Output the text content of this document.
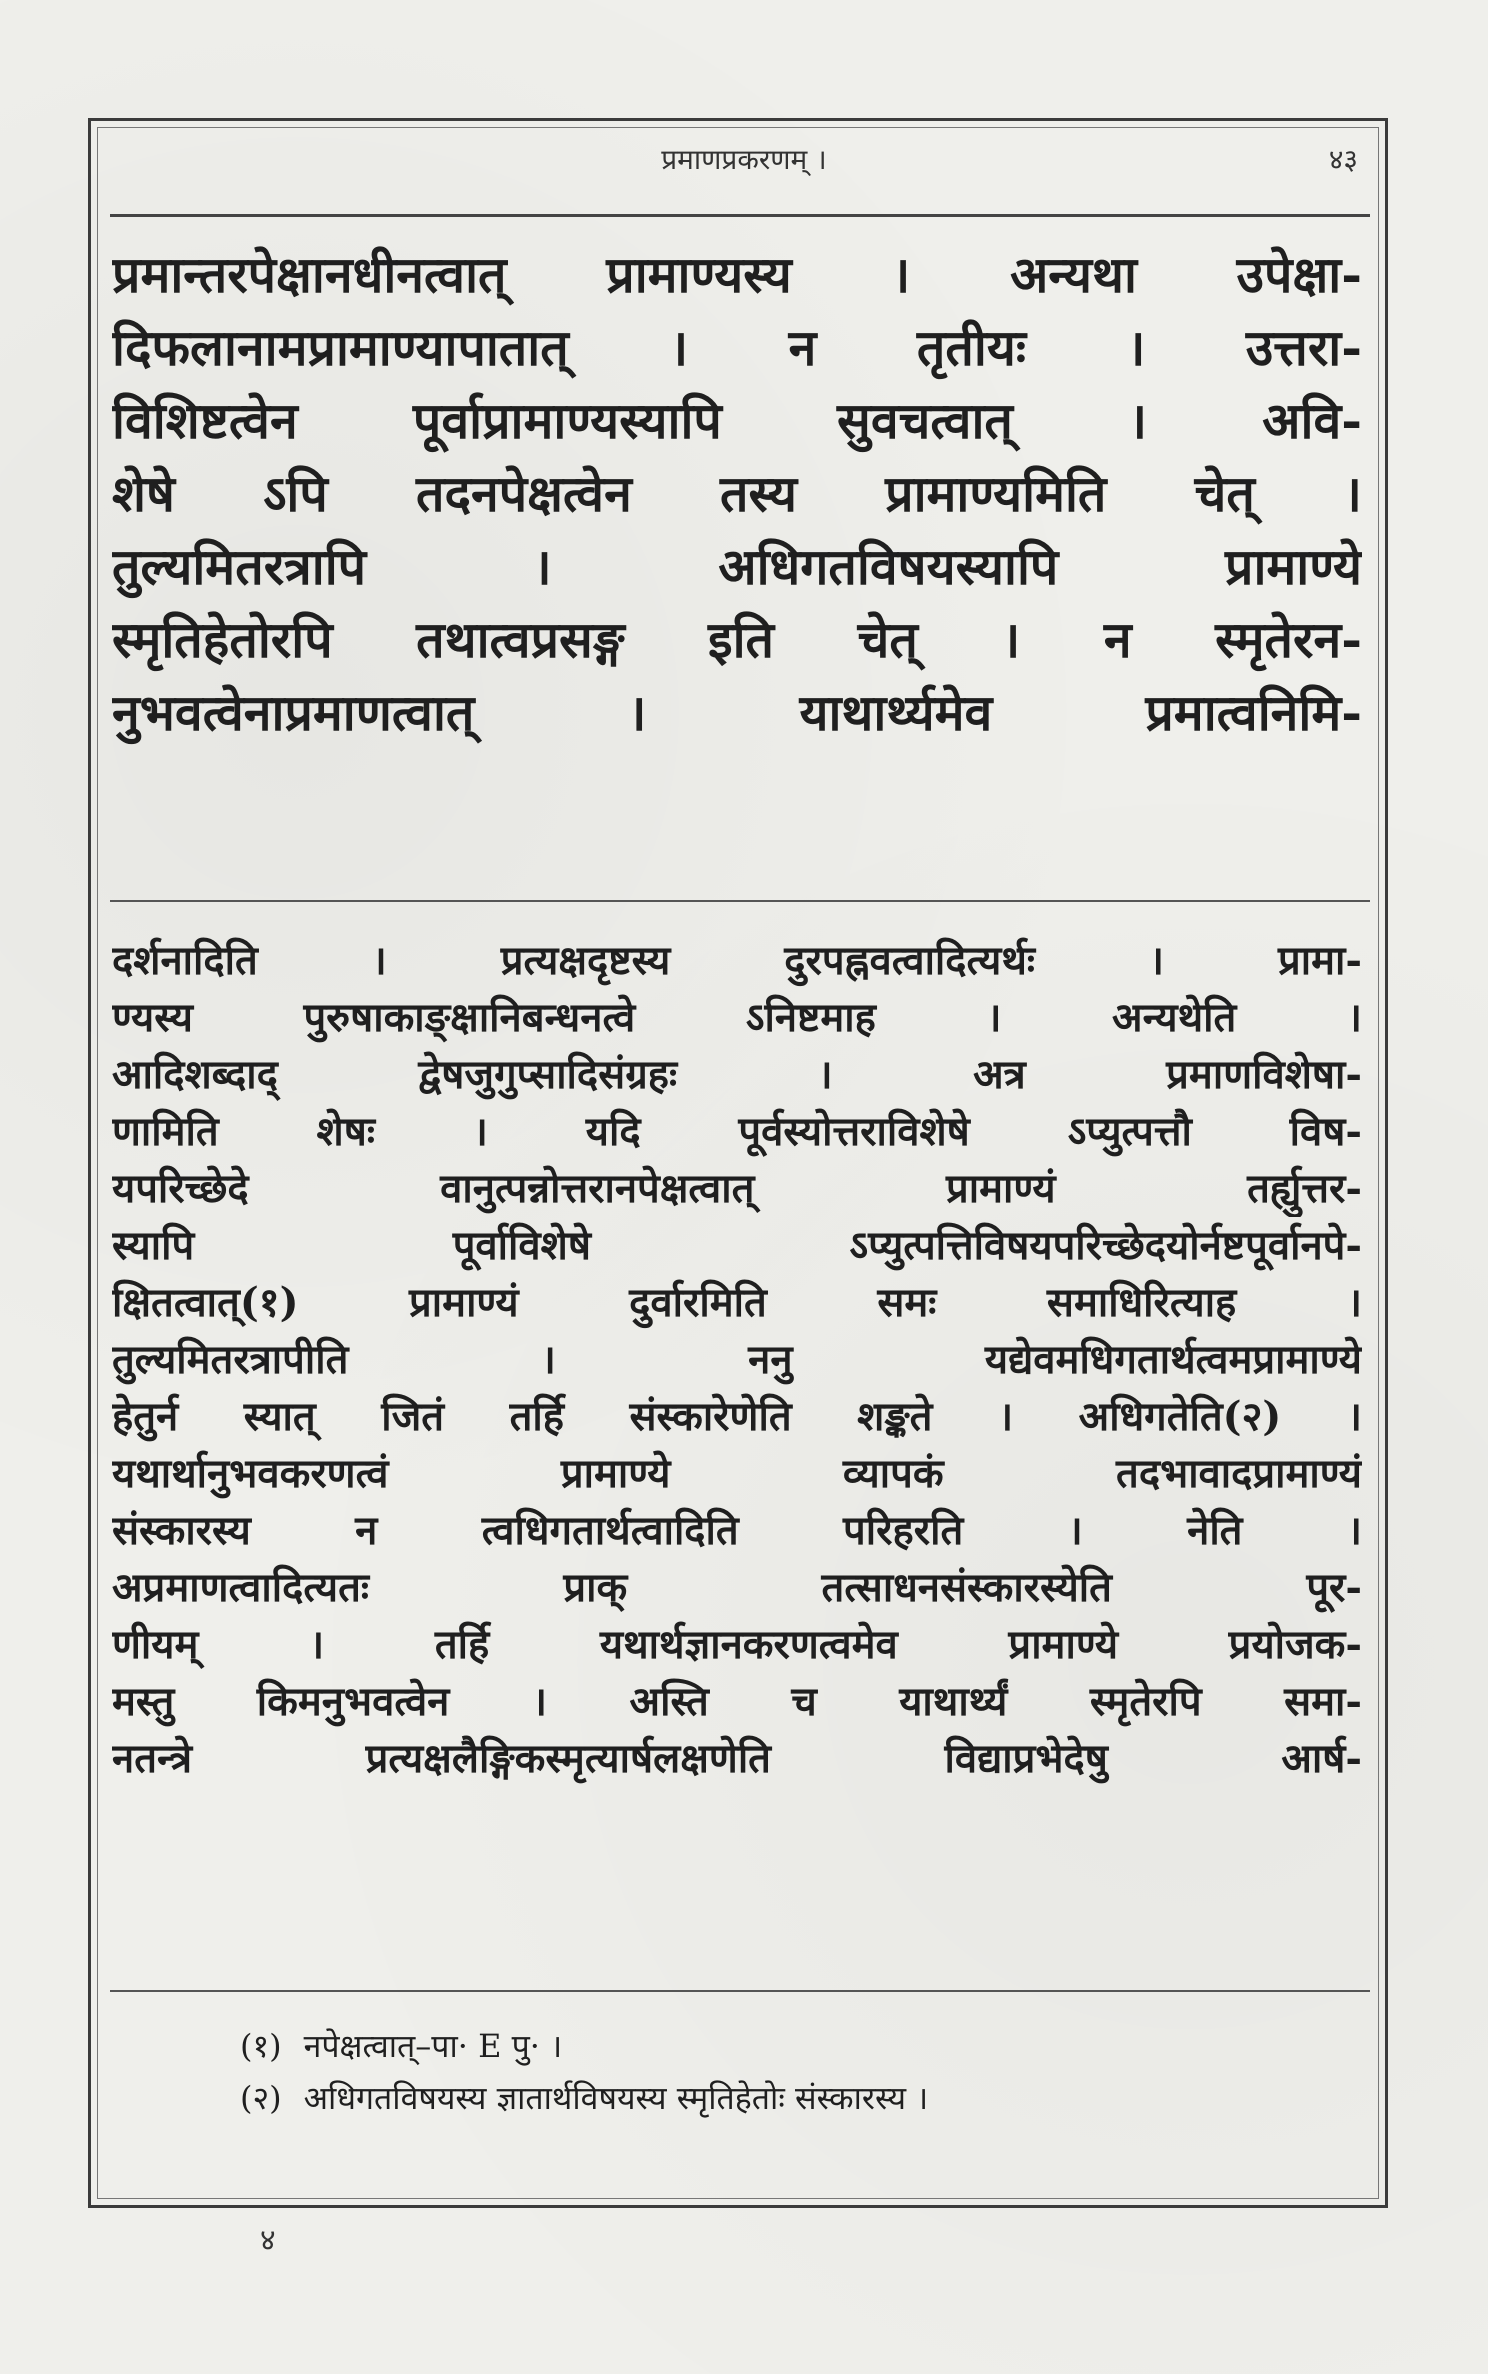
प्रमाणप्रकरणम् ।	४३
प्रमान्तरपेक्षानधीनत्वात् प्रामाण्यस्य । अन्यथा उपेक्षा-
दिफलानामप्रामाण्यापातात् । न तृतीयः । उत्तरा-
विशिष्टत्वेन पूर्वाप्रामाण्यस्यापि सुवचत्वात् । अवि-
शेषे ऽपि तदनपेक्षत्वेन तस्य प्रामाण्यमिति चेत् ।
तुल्यमितरत्रापि । अधिगतविषयस्यापि प्रामाण्ये
स्मृतिहेतोरपि तथात्वप्रसङ्ग इति चेत् । न स्मृतेरन-
नुभवत्वेनाप्रमाणत्वात् । याथार्थ्यमेव प्रमात्वनिमि-
दर्शनादिति । प्रत्यक्षदृष्टस्य दुरपह्नवत्वादित्यर्थः । प्रामा-
ण्यस्य पुरुषाकाङ्क्षानिबन्धनत्वे ऽनिष्टमाह । अन्यथेति ।
आदिशब्दाद् द्वेषजुगुप्सादिसंग्रहः । अत्र प्रमाणविशेषा-
णामिति शेषः । यदि पूर्वस्योत्तराविशेषे ऽप्युत्पत्तौ विष-
यपरिच्छेदे वानुत्पन्नोत्तरानपेक्षत्वात् प्रामाण्यं तर्ह्युत्तर-
स्यापि पूर्वाविशेषे ऽप्युत्पत्तिविषयपरिच्छेदयोर्नष्टपूर्वानपे-
क्षितत्वात्(१) प्रामाण्यं दुर्वारमिति समः समाधिरित्याह ।
तुल्यमितरत्रापीति । ननु यद्येवमधिगतार्थत्वमप्रामाण्ये
हेतुर्न स्यात् जितं तर्हि संस्कारेणेति शङ्कते । अधिगतेति(२) ।
यथार्थानुभवकरणत्वं प्रामाण्ये व्यापकं तदभावादप्रामाण्यं
संस्कारस्य न त्वधिगतार्थत्वादिति परिहरति । नेति ।
अप्रमाणत्वादित्यतः प्राक् तत्साधनसंस्कारस्येति पूर-
णीयम् । तर्हि यथार्थज्ञानकरणत्वमेव प्रामाण्ये प्रयोजक-
मस्तु किमनुभवत्वेन । अस्ति च याथार्थ्यं स्मृतेरपि समा-
नतन्त्रे प्रत्यक्षलैङ्गिकस्मृत्यार्षलक्षणेति विद्याप्रभेदेषु आर्ष-
(१) नपेक्षत्वात्–पा· E पु· ।
(२) अधिगतविषयस्य ज्ञातार्थविषयस्य स्मृतिहेतोः संस्कारस्य ।
४
